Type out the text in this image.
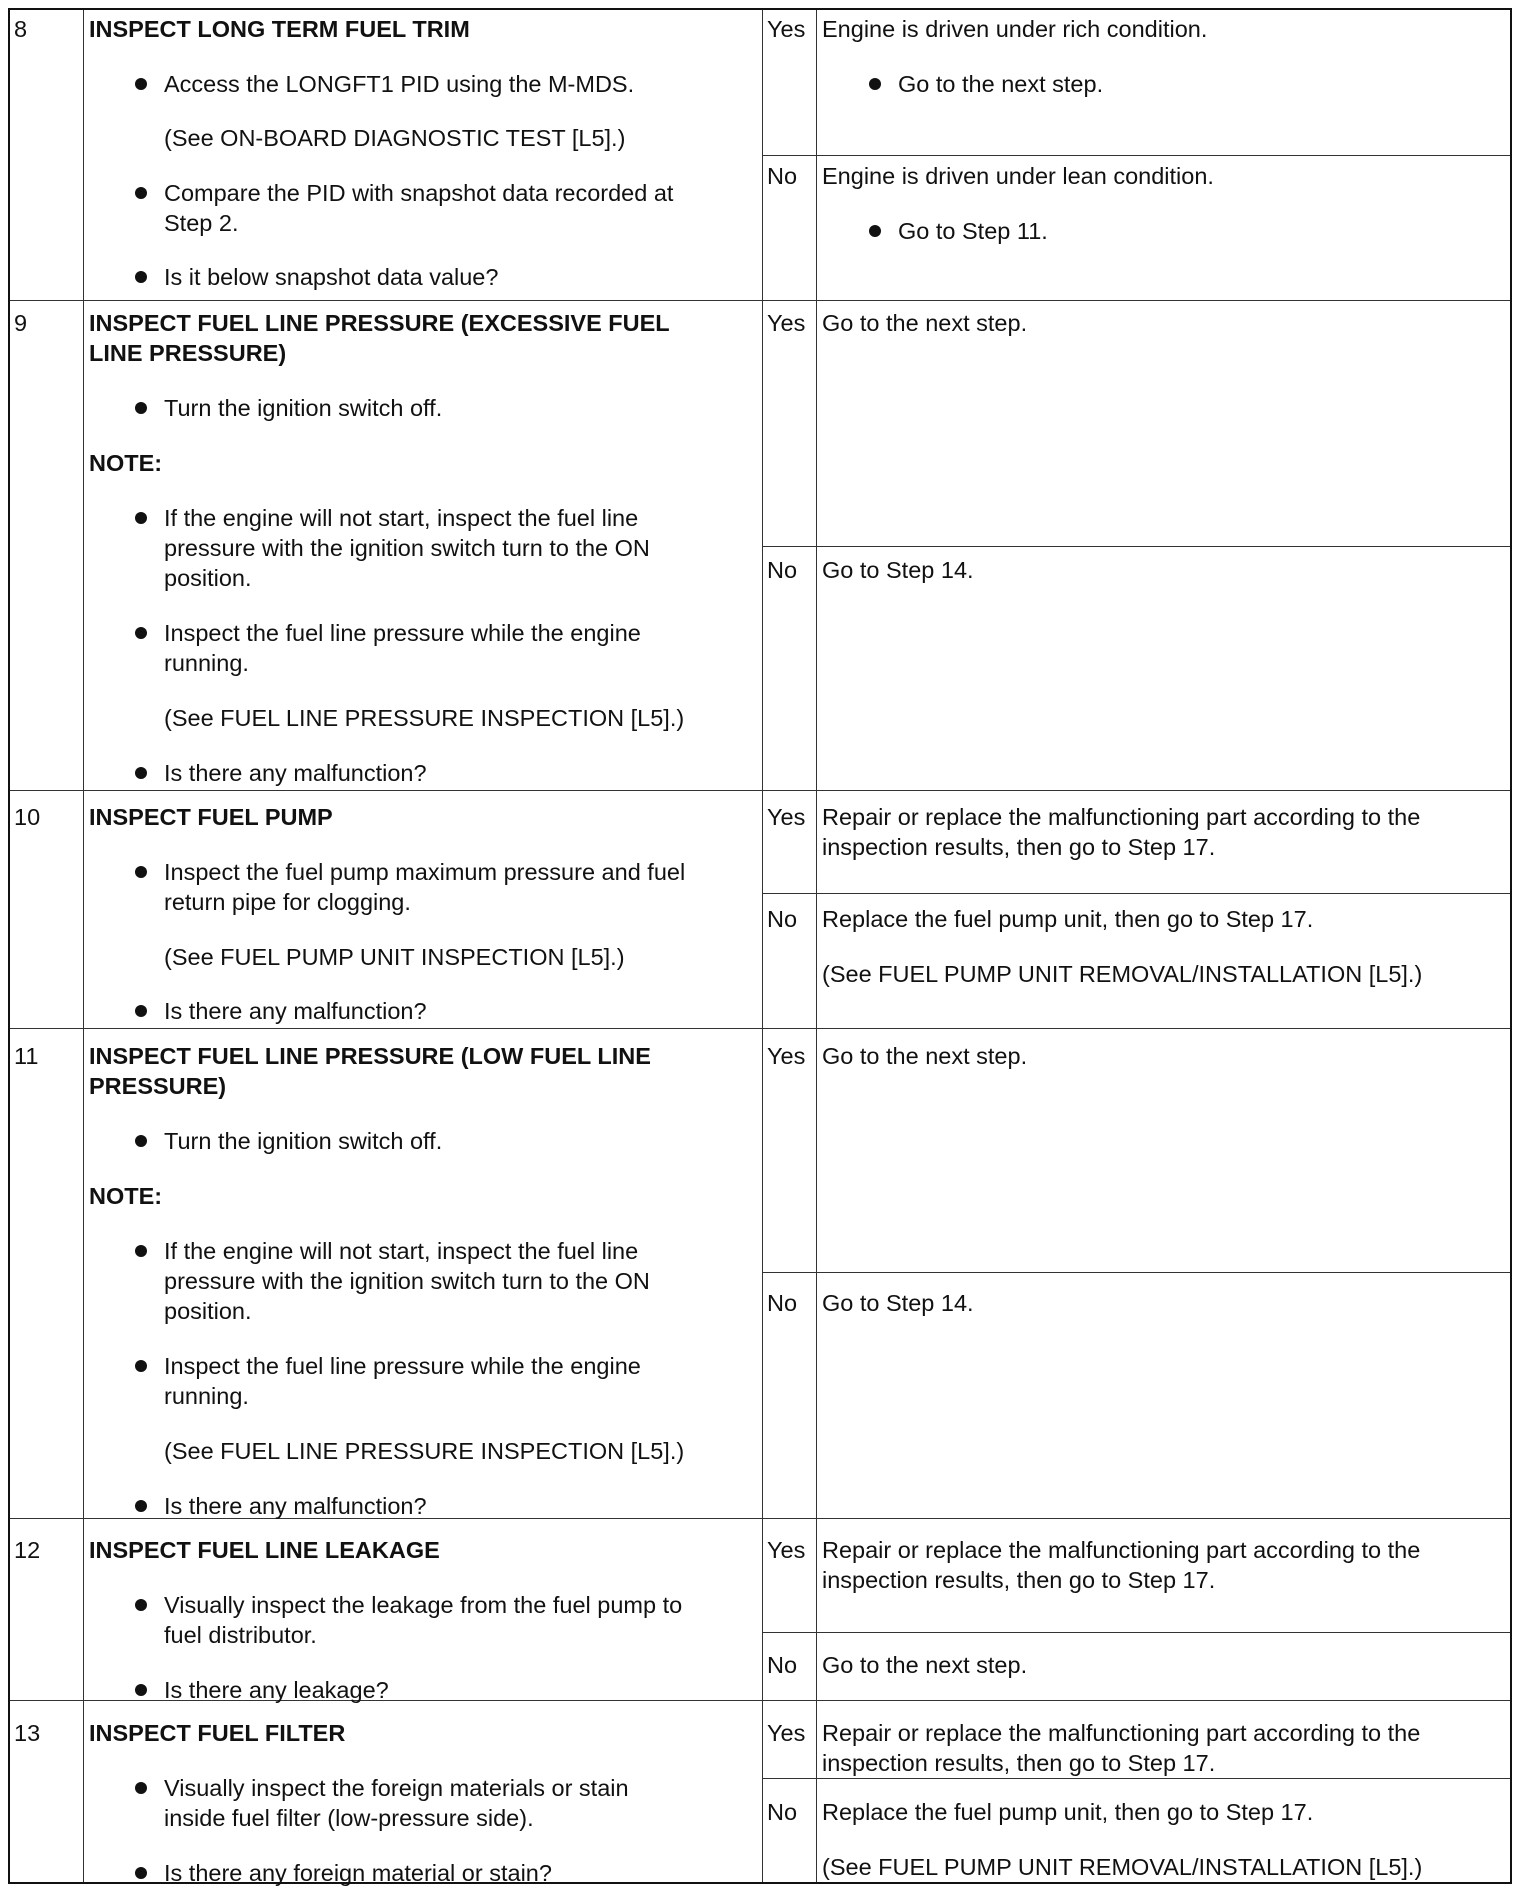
8	INSPECT LONG TERM FUEL TRIM
Access the LONGFT1 PID using the M-MDS.
(See ON-BOARD DIAGNOSTIC TEST [L5].)
Compare the PID with snapshot data recorded at
Step 2.
Is it below snapshot data value?
Yes Engine is driven under rich condition.
Go to the next step.
No Engine is driven under lean condition.
Go to Step 11.
9	INSPECT FUEL LINE PRESSURE (EXCESSIVE FUEL
LINE PRESSURE)
Turn the ignition switch off.
NOTE:
If the engine will not start, inspect the fuel line
pressure with the ignition switch turn to the ON
position.
Inspect the fuel line pressure while the engine
running.
(See FUEL LINE PRESSURE INSPECTION [L5].)
Is there any malfunction?
Yes Go to the next step.
No Go to Step 14.
10 INSPECT FUEL PUMP
Inspect the fuel pump maximum pressure and fuel
return pipe for clogging.
(See FUEL PUMP UNIT INSPECTION [L5].)
Is there any malfunction?
Yes Repair or replace the malfunctioning part according to the
inspection results, then go to Step 17.
No Replace the fuel pump unit, then go to Step 17.
(See FUEL PUMP UNIT REMOVAL/INSTALLATION [L5].)
11 INSPECT FUEL LINE PRESSURE (LOW FUEL LINE
PRESSURE)
Turn the ignition switch off.
NOTE:
If the engine will not start, inspect the fuel line
pressure with the ignition switch turn to the ON
position.
Inspect the fuel line pressure while the engine
running.
(See FUEL LINE PRESSURE INSPECTION [L5].)
Is there any malfunction?
Yes Go to the next step.
No Go to Step 14.
12 INSPECT FUEL LINE LEAKAGE
Visually inspect the leakage from the fuel pump to
fuel distributor.
Is there any leakage?
Yes Repair or replace the malfunctioning part according to the
inspection results, then go to Step 17.
No Go to the next step.
13 INSPECT FUEL FILTER
Visually inspect the foreign materials or stain
inside fuel filter (low-pressure side).
Is there any foreign material or stain?
Yes Repair or replace the malfunctioning part according to the
inspection results, then go to Step 17.
No Replace the fuel pump unit, then go to Step 17.
(See FUEL PUMP UNIT REMOVAL/INSTALLATION [L5].)
